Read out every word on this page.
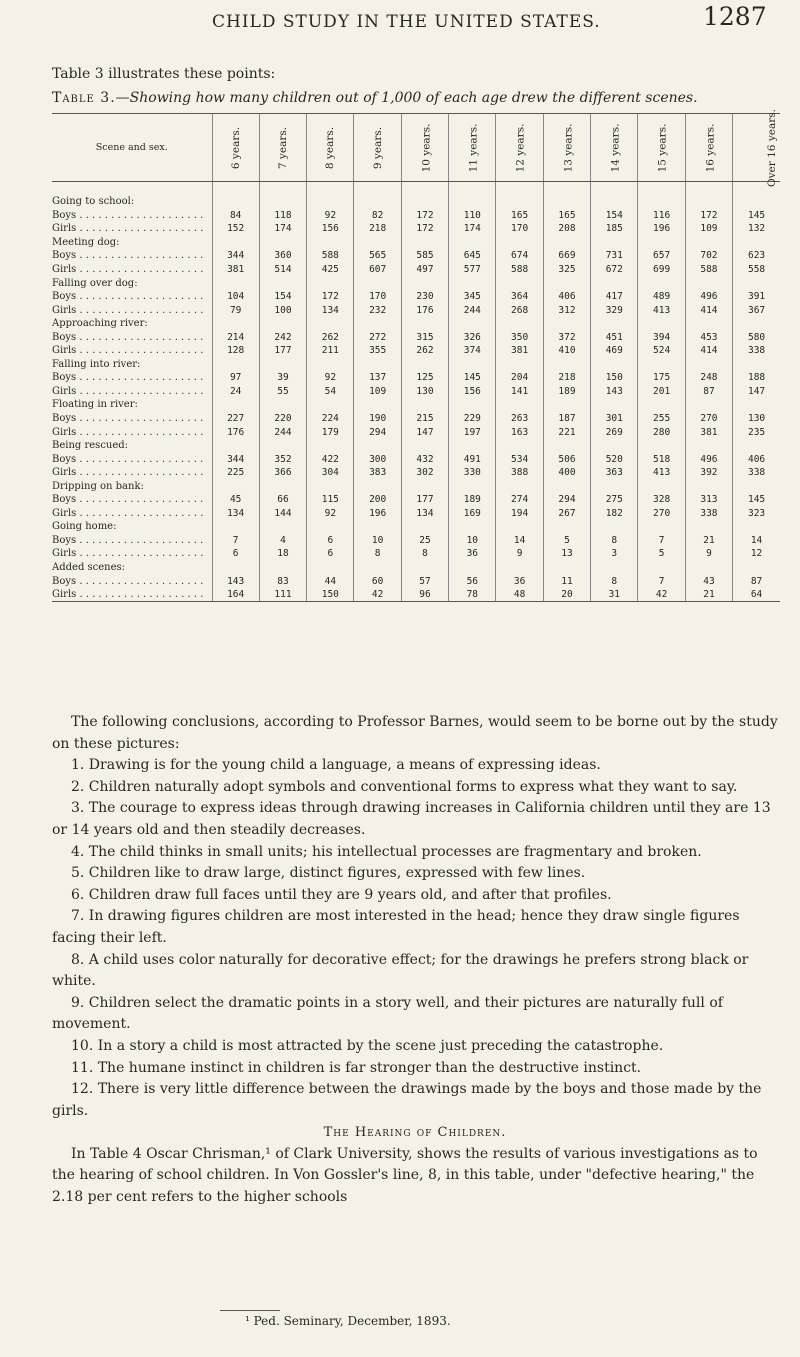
CHILD STUDY IN THE UNITED STATES.	1287
Table 3 illustrates these points:
Table 3.—Showing how many children out of 1,000 of each age drew the different scenes.
Scene and sex.	6 years.	7 years.	8 years.	9 years.	10 years.	11 years.	12 years.	13 years.	14 years.	15 years.	16 years.	Over 16 years.

Going to school:												
Boys . . . . . . . . . . . . . . . . . . . .	84	118	92	82	172	110	165	165	154	116	172	145
Girls . . . . . . . . . . . . . . . . . . . .	152	174	156	218	172	174	170	208	185	196	109	132
Meeting dog:												
Boys . . . . . . . . . . . . . . . . . . . .	344	360	588	565	585	645	674	669	731	657	702	623
Girls . . . . . . . . . . . . . . . . . . . .	381	514	425	607	497	577	588	325	672	699	588	558
Falling over dog:												
Boys . . . . . . . . . . . . . . . . . . . .	104	154	172	170	230	345	364	406	417	489	496	391
Girls . . . . . . . . . . . . . . . . . . . .	79	100	134	232	176	244	268	312	329	413	414	367
Approaching river:												
Boys . . . . . . . . . . . . . . . . . . . .	214	242	262	272	315	326	350	372	451	394	453	580
Girls . . . . . . . . . . . . . . . . . . . .	128	177	211	355	262	374	381	410	469	524	414	338
Falling into river:												
Boys . . . . . . . . . . . . . . . . . . . .	97	39	92	137	125	145	204	218	150	175	248	188
Girls . . . . . . . . . . . . . . . . . . . .	24	55	54	109	130	156	141	189	143	201	87	147
Floating in river:												
Boys . . . . . . . . . . . . . . . . . . . .	227	220	224	190	215	229	263	187	301	255	270	130
Girls . . . . . . . . . . . . . . . . . . . .	176	244	179	294	147	197	163	221	269	280	381	235
Being rescued:												
Boys . . . . . . . . . . . . . . . . . . . .	344	352	422	300	432	491	534	506	520	518	496	406
Girls . . . . . . . . . . . . . . . . . . . .	225	366	304	383	302	330	388	400	363	413	392	338
Dripping on bank:												
Boys . . . . . . . . . . . . . . . . . . . .	45	66	115	200	177	189	274	294	275	328	313	145
Girls . . . . . . . . . . . . . . . . . . . .	134	144	92	196	134	169	194	267	182	270	338	323
Going home:												
Boys . . . . . . . . . . . . . . . . . . . .	7	4	6	10	25	10	14	5	8	7	21	14
Girls . . . . . . . . . . . . . . . . . . . .	6	18	6	8	8	36	9	13	3	5	9	12
Added scenes:												
Boys . . . . . . . . . . . . . . . . . . . .	143	83	44	60	57	56	36	11	8	7	43	87
Girls . . . . . . . . . . . . . . . . . . . .	164	111	150	42	96	78	48	20	31	42	21	64

The following conclusions, according to Professor Barnes, would seem to be borne out by the study on these pictures:

1. Drawing is for the young child a language, a means of expressing ideas.

2. Children naturally adopt symbols and conventional forms to express what they want to say.

3. The courage to express ideas through drawing increases in California children until they are 13 or 14 years old and then steadily decreases.

4. The child thinks in small units; his intellectual processes are fragmentary and broken.

5. Children like to draw large, distinct figures, expressed with few lines.

6. Children draw full faces until they are 9 years old, and after that profiles.

7. In drawing figures children are most interested in the head; hence they draw single figures facing their left.

8. A child uses color naturally for decorative effect; for the drawings he prefers strong black or white.

9. Children select the dramatic points in a story well, and their pictures are naturally full of movement.

10. In a story a child is most attracted by the scene just preceding the catastrophe.

11. The humane instinct in children is far stronger than the destructive instinct.

12. There is very little difference between the drawings made by the boys and those made by the girls.

The Hearing of Children.

In Table 4 Oscar Chrisman,¹ of Clark University, shows the results of various investigations as to the hearing of school children. In Von Gossler's line, 8, in this table, under "defective hearing," the 2.18 per cent refers to the higher schools

¹ Ped. Seminary, December, 1893.
